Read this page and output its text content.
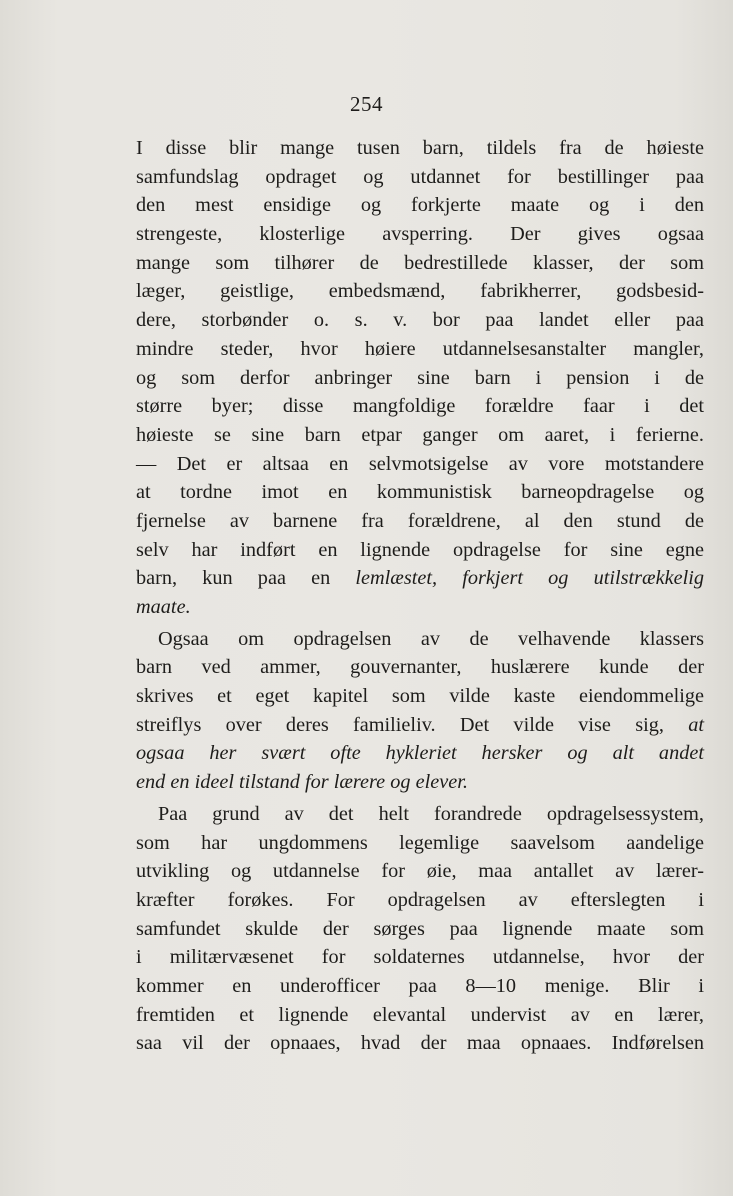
254
I disse blir mange tusen barn, tildels fra de høieste
samfundslag opdraget og utdannet for bestillinger paa
den mest ensidige og forkjerte maate og i den
strengeste, klosterlige avsperring. Der gives ogsaa
mange som tilhører de bedrestillede klasser, der som
læger, geistlige, embedsmænd, fabrikherrer, godsbesid-
dere, storbønder o. s. v. bor paa landet eller paa
mindre steder, hvor høiere utdannelsesanstalter mangler,
og som derfor anbringer sine barn i pension i de
større byer; disse mangfoldige forældre faar i det
høieste se sine barn etpar ganger om aaret, i ferierne.
— Det er altsaa en selvmotsigelse av vore motstandere
at tordne imot en kommunistisk barneopdragelse og
fjernelse av barnene fra forældrene, al den stund de
selv har indført en lignende opdragelse for sine egne
barn, kun paa en lemlæstet, forkjert og utilstrækkelig
maate.
Ogsaa om opdragelsen av de velhavende klassers
barn ved ammer, gouvernanter, huslærere kunde der
skrives et eget kapitel som vilde kaste eiendommelige
streiflys over deres familieliv. Det vilde vise sig, at
ogsaa her svært ofte hykleriet hersker og alt andet
end en ideel tilstand for lærere og elever.
Paa grund av det helt forandrede opdragelsessystem,
som har ungdommens legemlige saavelsom aandelige
utvikling og utdannelse for øie, maa antallet av lærer-
kræfter forøkes. For opdragelsen av efterslegten i
samfundet skulde der sørges paa lignende maate som
i militærvæsenet for soldaternes utdannelse, hvor der
kommer en underofficer paa 8—10 menige. Blir i
fremtiden et lignende elevantal undervist av en lærer,
saa vil der opnaaes, hvad der maa opnaaes. Indførelsen
